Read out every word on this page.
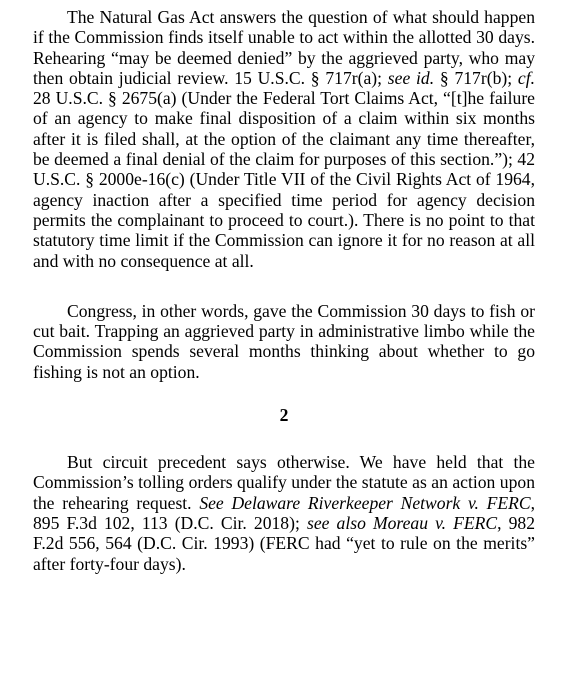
The Natural Gas Act answers the question of what should happen if the Commission finds itself unable to act within the allotted 30 days. Rehearing “may be deemed denied” by the aggrieved party, who may then obtain judicial review. 15 U.S.C. § 717r(a); see id. § 717r(b); cf. 28 U.S.C. § 2675(a) (Under the Federal Tort Claims Act, “[t]he failure of an agency to make final disposition of a claim within six months after it is filed shall, at the option of the claimant any time thereafter, be deemed a final denial of the claim for purposes of this section.”); 42 U.S.C. § 2000e-16(c) (Under Title VII of the Civil Rights Act of 1964, agency inaction after a specified time period for agency decision permits the complainant to proceed to court.). There is no point to that statutory time limit if the Commission can ignore it for no reason at all and with no consequence at all.

Congress, in other words, gave the Commission 30 days to fish or cut bait. Trapping an aggrieved party in administrative limbo while the Commission spends several months thinking about whether to go fishing is not an option.

2

But circuit precedent says otherwise. We have held that the Commission’s tolling orders qualify under the statute as an action upon the rehearing request. See Delaware Riverkeeper Network v. FERC, 895 F.3d 102, 113 (D.C. Cir. 2018); see also Moreau v. FERC, 982 F.2d 556, 564 (D.C. Cir. 1993) (FERC had “yet to rule on the merits” after forty-four days).
